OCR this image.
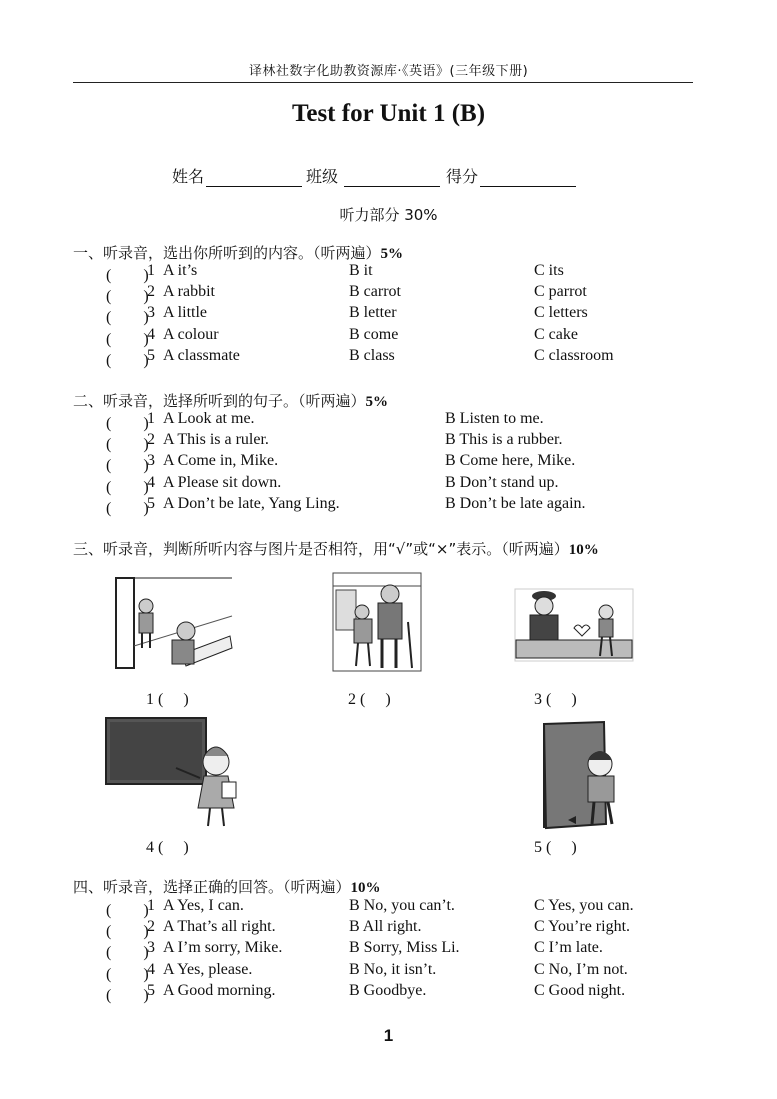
译林社数字化助教资源库·《英语》(三年级下册)
Test for Unit 1 (B)
姓名	班级	得分
听力部分 30%
一、听录音，选出你所听到的内容。（听两遍）5%
(　　)
1 A it’s	B it	C its
(　　)
2 A rabbit	B carrot	C parrot
(　　)
3 A little	B letter	C letters
(　　)
4 A colour	B come	C cake
(　　)
5 A classmate	B class	C classroom
二、听录音，选择所听到的句子。（听两遍）5%
(　　)
1 A Look at me.	B Listen to me.
(　　)
2 A This is a ruler.	B This is a rubber.
(　　)
3 A Come in, Mike.	B Come here, Mike.
(　　)
4 A Please sit down.	B Don’t stand up.
(　　)
5 A Don’t be late, Yang Ling.	B Don’t be late again.
三、听录音，判断所听内容与图片是否相符，用“√”或“×”表示。（听两遍）10%
1 (　 )	2 (　 )	3 (　 )
4 (　 )	5 (　 )
四、听录音，选择正确的回答。（听两遍）10%
(　　)
1 A Yes, I can.	B No, you can’t.	C Yes, you can.
(　　)
2 A That’s all right.	B All right.	C You’re right.
(　　)
3 A I’m sorry, Mike.	B Sorry, Miss Li.	C I’m late.
(　　)
4 A Yes, please.	B No, it isn’t.	C No, I’m not.
(　　)
5 A Good morning.	B Goodbye.	C Good night.
1
